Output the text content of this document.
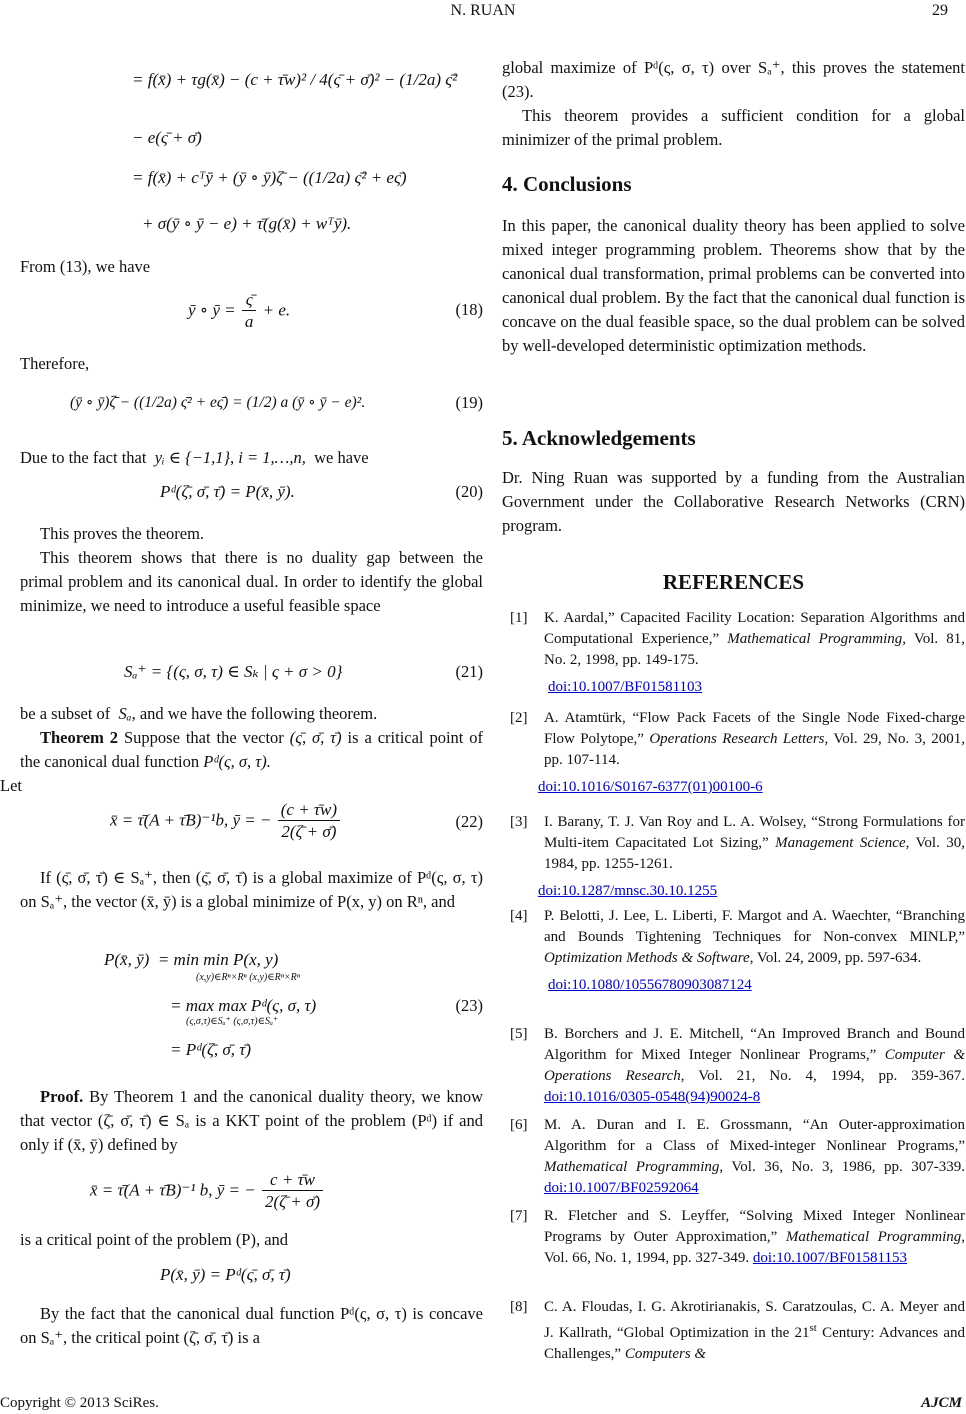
N. RUAN	29
= f(x̄) + τg(x̄) − (c + τ̄w)² / 4(ς̄ + σ̄)² − (1/2a) ς̄²
− e(ς̄ + σ̄)
= f(x̄) + cᵀȳ + (ȳ ∘ ȳ)ζ̄ − ((1/2a) ς̄² + eς̄)
+ σ(ȳ ∘ ȳ − e) + τ̄(g(x̄) + wᵀȳ).
From (13), we have
ȳ ∘ ȳ = $\frac{\varsigmā}{a} + e$.	(18)
Therefore,
(ȳ ∘ ȳ)ζ̄ − ((1/2a) ς̄² + eς̄) = (1/2) a (ȳ ∘ ȳ − e)².	(19)
Due to the fact that yᵢ ∈ {−1,1}, i = 1,…,n, we have
Pᵈ(ζ̄, σ̄, τ̄) = P(x̄, ȳ).	(20)
This proves the theorem.
This theorem shows that there is no duality gap between the primal problem and its canonical dual. In order to identify the global minimize, we need to introduce a useful feasible space
Sₐ⁺ = {(ς, σ, τ) ∈ Sₖ | ς + σ > 0}	(21)
be a subset of Sₐ, and we have the following theorem.
Theorem 2 Suppose that the vector (ς̄, σ̄, τ̄) is a critical point of the canonical dual function Pᵈ(ς, σ, τ).
Let
x̄ = τ̄(A + τ̄B)⁻¹b, ȳ = − $\frac{(c + \taūw)}{2(\zetā + \sigmā)}$	(22)
If (ς̄, σ̄, τ̄) ∈ Sₐ⁺, then (ς̄, σ̄, τ̄) is a global maximize of Pᵈ(ς, σ, τ) on Sₐ⁺, the vector (x̄, ȳ) is a global minimize of P(x, y) on Rⁿ, and
P(x̄, ȳ) = min min P(x, y)
(x,y)∈Rⁿ×Rⁿ (x,y)∈Rⁿ×Rⁿ
= max max Pᵈ(ς, σ, τ)
(ς,σ,τ)∈Sₐ⁺ (ς,σ,τ)∈Sₐ⁺
(23)
= Pᵈ(ζ̄, σ̄, τ̄)
Proof. By Theorem 1 and the canonical duality theory, we know that vector (ζ̄, σ̄, τ̄) ∈ Sₐ is a KKT point of the problem (Pᵈ) if and only if (x̄, ȳ) defined by
x̄ = τ̄(A + τ̄B)⁻¹ b, ȳ = − $\frac{c + \taūw}{2(\zetā + \sigmā)}$
is a critical point of the problem (P), and
P(x̄, ȳ) = Pᵈ(ς̄, σ̄, τ̄)
By the fact that the canonical dual function Pᵈ(ς, σ, τ) is concave on Sₐ⁺, the critical point (ζ̄, σ̄, τ̄) is a
global maximize of Pᵈ(ς, σ, τ) over Sₐ⁺, this proves the statement (23).
This theorem provides a sufficient condition for a global minimizer of the primal problem.
4. Conclusions
In this paper, the canonical duality theory has been applied to solve mixed integer programming problem. Theorems show that by the canonical dual transformation, primal problems can be converted into canonical dual problem. By the fact that the canonical dual function is concave on the dual feasible space, so the dual problem can be solved by well-developed deterministic optimization methods.
5. Acknowledgements
Dr. Ning Ruan was supported by a funding from the Australian Government under the Collaborative Research Networks (CRN) program.
REFERENCES
[1] K. Aardal,” Capacited Facility Location: Separation Algorithms and Computational Experience,” Mathematical Programming, Vol. 81, No. 2, 1998, pp. 149-175.
doi:10.1007/BF01581103
[2] A. Atamtürk, “Flow Pack Facets of the Single Node Fixed-charge Flow Polytope,” Operations Research Letters, Vol. 29, No. 3, 2001, pp. 107-114.
doi:10.1016/S0167-6377(01)00100-6
[3] I. Barany, T. J. Van Roy and L. A. Wolsey, “Strong Formulations for Multi-item Capacitated Lot Sizing,” Management Science, Vol. 30, 1984, pp. 1255-1261.
doi:10.1287/mnsc.30.10.1255
[4] P. Belotti, J. Lee, L. Liberti, F. Margot and A. Waechter, “Branching and Bounds Tightening Techniques for Non-convex MINLP,” Optimization Methods & Software, Vol. 24, 2009, pp. 597-634.
doi:10.1080/10556780903087124
[5] B. Borchers and J. E. Mitchell, “An Improved Branch and Bound Algorithm for Mixed Integer Nonlinear Programs,” Computer & Operations Research, Vol. 21, No. 4, 1994, pp. 359-367. doi:10.1016/0305-0548(94)90024-8
[6] M. A. Duran and I. E. Grossmann, “An Outer-approximation Algorithm for a Class of Mixed-integer Nonlinear Programs,” Mathematical Programming, Vol. 36, No. 3, 1986, pp. 307-339. doi:10.1007/BF02592064
[7] R. Fletcher and S. Leyffer, “Solving Mixed Integer Nonlinear Programs by Outer Approximation,” Mathematical Programming, Vol. 66, No. 1, 1994, pp. 327-349. doi:10.1007/BF01581153
[8] C. A. Floudas, I. G. Akrotirianakis, S. Caratzoulas, C. A. Meyer and J. Kallrath, “Global Optimization in the 21st Century: Advances and Challenges,” Computers &
Copyright © 2013 SciRes.	AJCM
